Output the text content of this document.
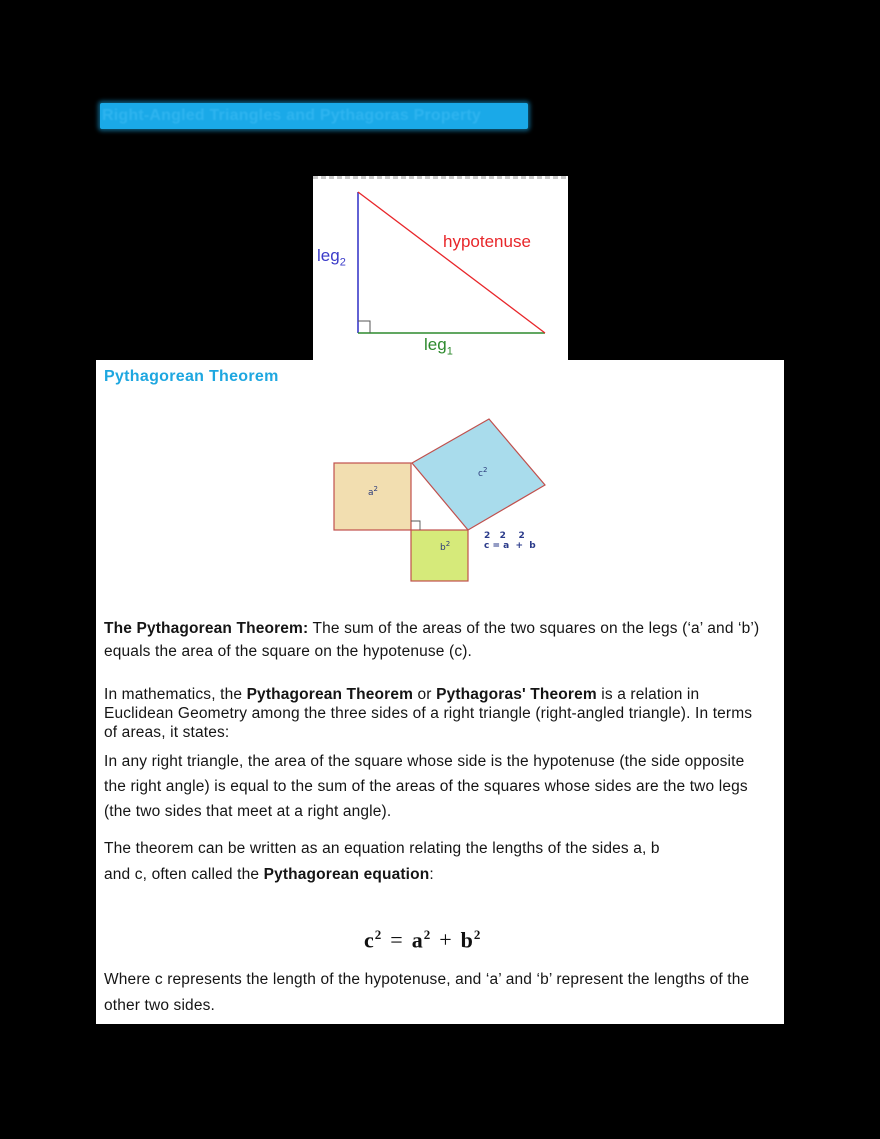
Right-Angled Triangles and Pythagoras Property
hypotenuse
leg$_2$
leg$_1$
Pythagorean Theorem
$a^2$
$c^2$
$b^2$
2   2    2
c = a  +  b
The Pythagorean Theorem: The sum of the areas of the two squares on the legs (‘a’ and ‘b’) equals the area of the square on the hypotenuse (c).
In mathematics, the Pythagorean Theorem or Pythagoras' Theorem is a relation in Euclidean Geometry among the three sides of a right triangle (right-angled triangle). In terms of areas, it states:
In any right triangle, the area of the square whose side is the hypotenuse (the side opposite the right angle) is equal to the sum of the areas of the squares whose sides are the two legs (the two sides that meet at a right angle).
The theorem can be written as an equation relating the lengths of the sides a, b and c, often called the Pythagorean equation:
$c^2 = a^2 + b^2$
Where c represents the length of the hypotenuse, and ‘a’ and ‘b’ represent the lengths of the other two sides.
